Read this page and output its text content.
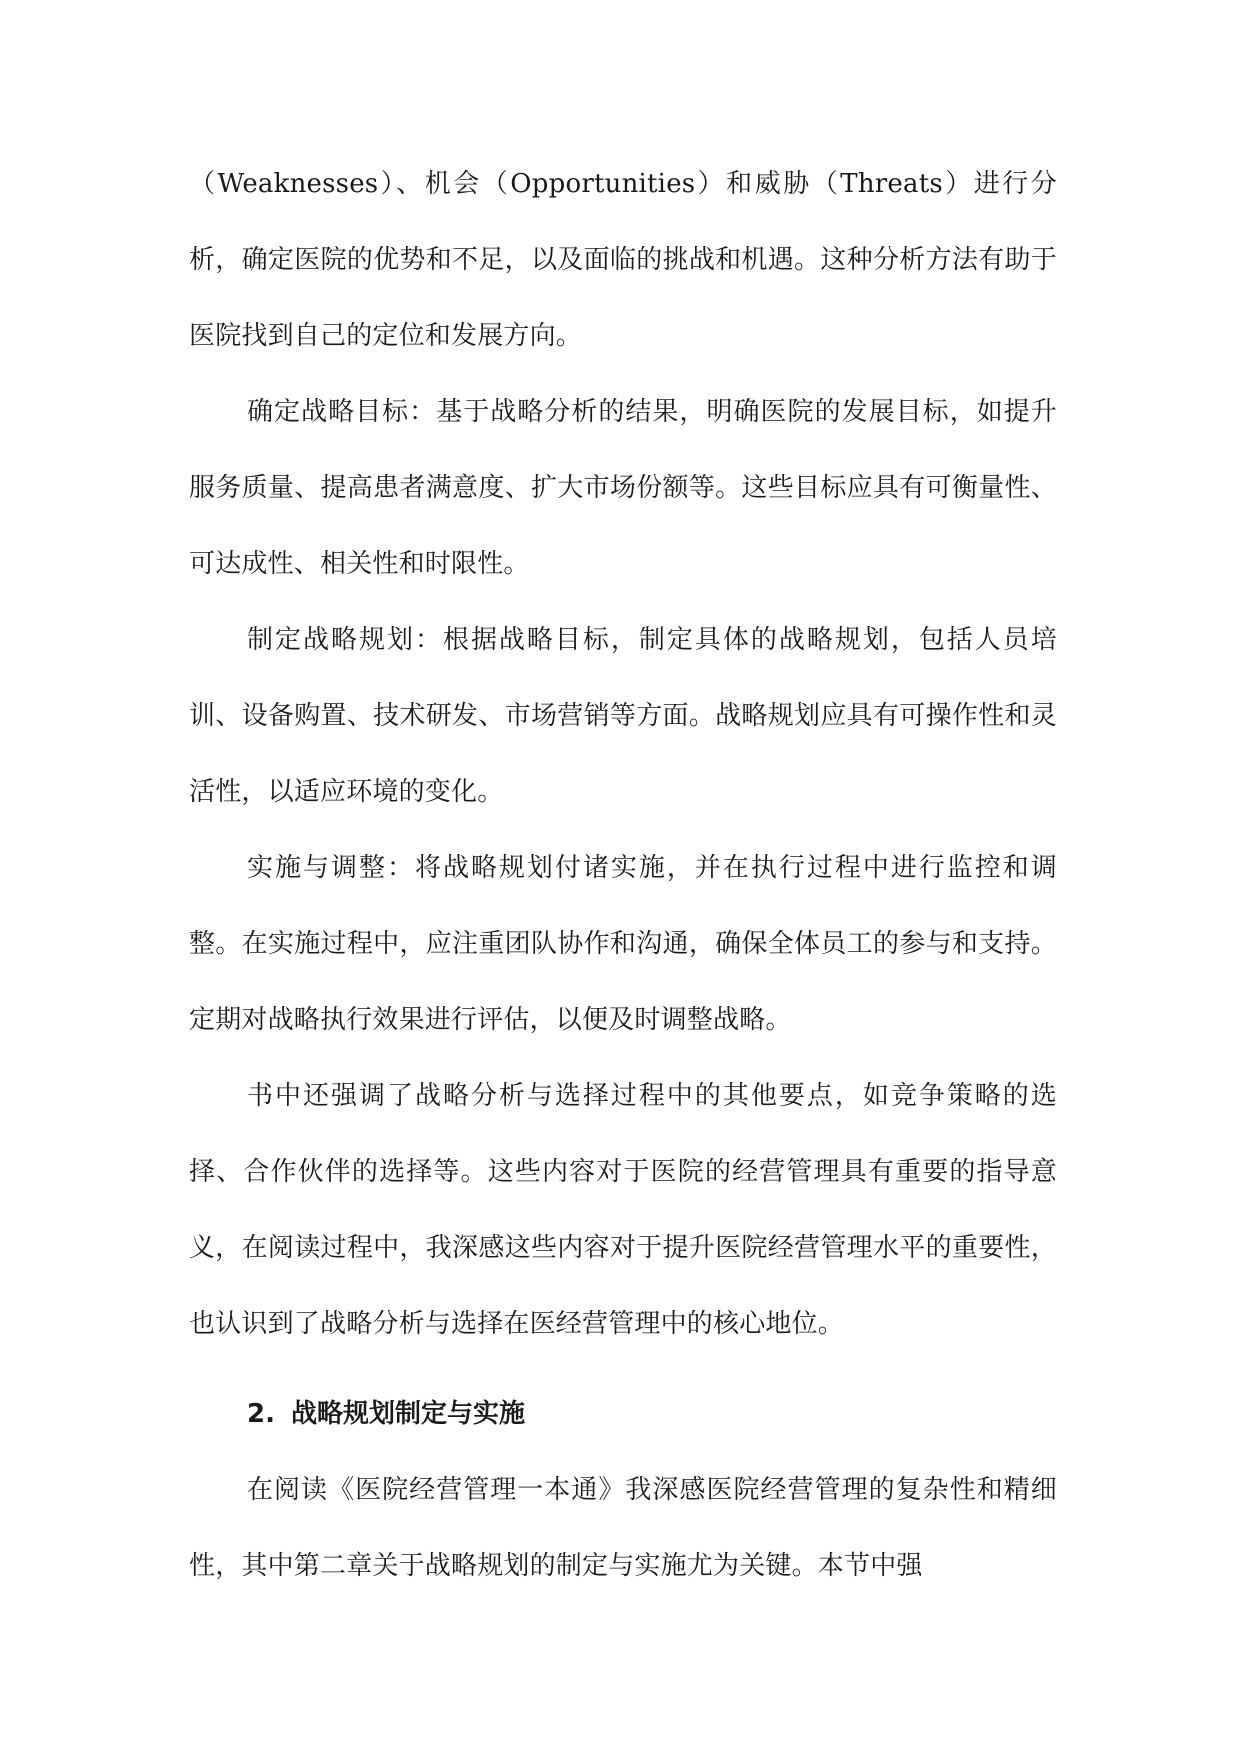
（Weaknesses）、机会（Opportunities）和威胁（Threats）进行分析，确定医院的优势和不足，以及面临的挑战和机遇。这种分析方法有助于医院找到自己的定位和发展方向。

确定战略目标：基于战略分析的结果，明确医院的发展目标，如提升服务质量、提高患者满意度、扩大市场份额等。这些目标应具有可衡量性、可达成性、相关性和时限性。

制定战略规划：根据战略目标，制定具体的战略规划，包括人员培训、设备购置、技术研发、市场营销等方面。战略规划应具有可操作性和灵活性，以适应环境的变化。

实施与调整：将战略规划付诸实施，并在执行过程中进行监控和调整。在实施过程中，应注重团队协作和沟通，确保全体员工的参与和支持。定期对战略执行效果进行评估，以便及时调整战略。

书中还强调了战略分析与选择过程中的其他要点，如竞争策略的选择、合作伙伴的选择等。这些内容对于医院的经营管理具有重要的指导意义，在阅读过程中，我深感这些内容对于提升医院经营管理水平的重要性，也认识到了战略分析与选择在医经营管理中的核心地位。

2. 战略规划制定与实施

在阅读《医院经营管理一本通》我深感医院经营管理的复杂性和精细性，其中第二章关于战略规划的制定与实施尤为关键。本节中强
